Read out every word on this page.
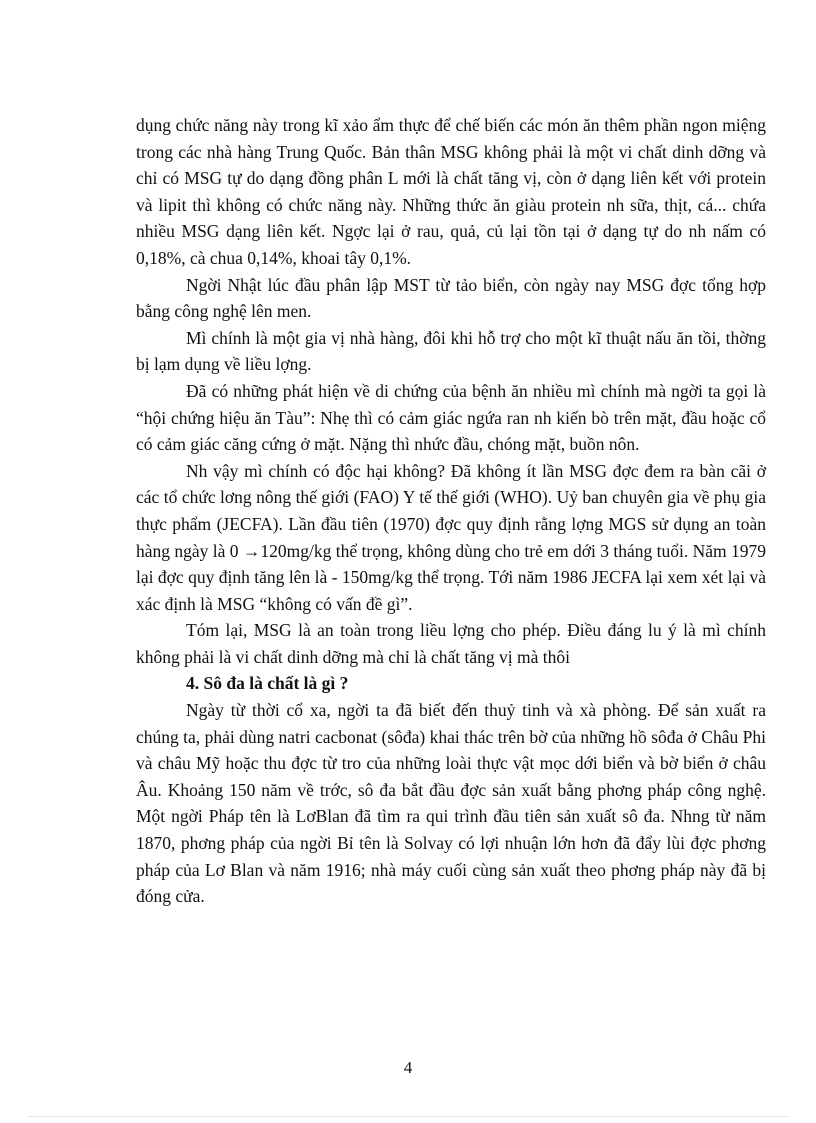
dụng chức năng này trong kĩ xảo ẩm thực để chế biến các món ăn thêm phần ngon miệng trong các nhà hàng Trung Quốc. Bản thân MSG không phải là một vi chất dinh dỡng và chỉ có MSG tự do dạng đồng phân L mới là chất tăng vị, còn ở dạng liên kết với protein và lipit thì không có chức năng này. Những thức ăn giàu protein nh sữa, thịt, cá... chứa nhiều MSG dạng liên kết. Ngợc lại ở rau, quả, củ lại tồn tại ở dạng tự do nh nấm có 0,18%, cà chua 0,14%, khoai tây 0,1%.

Ngời Nhật lúc đầu phân lập MST từ tảo biển, còn ngày nay MSG đợc tổng hợp bằng công nghệ lên men.

Mì chính là một gia vị nhà hàng, đôi khi hỗ trợ cho một kĩ thuật nấu ăn tồi, thờng bị lạm dụng về liều lợng.

Đã có những phát hiện về di chứng của bệnh ăn nhiều mì chính mà ngời ta gọi là “hội chứng hiệu ăn Tàu”: Nhẹ thì có cảm giác ngứa ran nh kiến bò trên mặt, đầu hoặc cổ có cảm giác căng cứng ở mặt. Nặng thì nhức đầu, chóng mặt, buồn nôn.

Nh vậy mì chính có độc hại không? Đã không ít lần MSG đợc đem ra bàn cãi ở các tổ chức lơng nông thế giới (FAO) Y tế thế giới (WHO). Uỷ ban chuyên gia về phụ gia thực phẩm (JECFA). Lần đầu tiên (1970) đợc quy định rằng lợng MGS sử dụng an toàn hàng ngày là 0 →120mg/kg thể trọng, không dùng cho trẻ em dới 3 tháng tuổi. Năm 1979 lại đợc quy định tăng lên là - 150mg/kg thể trọng. Tới năm 1986 JECFA lại xem xét lại và xác định là MSG “không có vấn đề gì”.

Tóm lại, MSG là an toàn trong liều lợng cho phép. Điều đáng lu ý là mì chính không phải là vi chất dinh dỡng mà chỉ là chất tăng vị mà thôi

4. Sô đa là chất là gì ?

Ngày từ thời cổ xa, ngời ta đã biết đến thuỷ tinh và xà phòng. Để sản xuất ra chúng ta, phải dùng natri cacbonat (sôđa) khai thác trên bờ của những hồ sôđa ở Châu Phi và châu Mỹ hoặc thu đợc từ tro của những loài thực vật mọc dới biển và bờ biển ở châu Âu. Khoảng 150 năm về trớc, sô đa bắt đầu đợc sản xuất bằng phơng pháp công nghệ. Một ngời Pháp tên là LơBlan đã tìm ra qui trình đầu tiên sản xuất sô đa. Nhng từ năm 1870, phơng pháp của ngời Bỉ tên là Solvay có lợi nhuận lớn hơn đã đẩy lùi đợc phơng pháp của Lơ Blan và năm 1916; nhà máy cuối cùng sản xuất theo phơng pháp này đã bị đóng cửa.

4
